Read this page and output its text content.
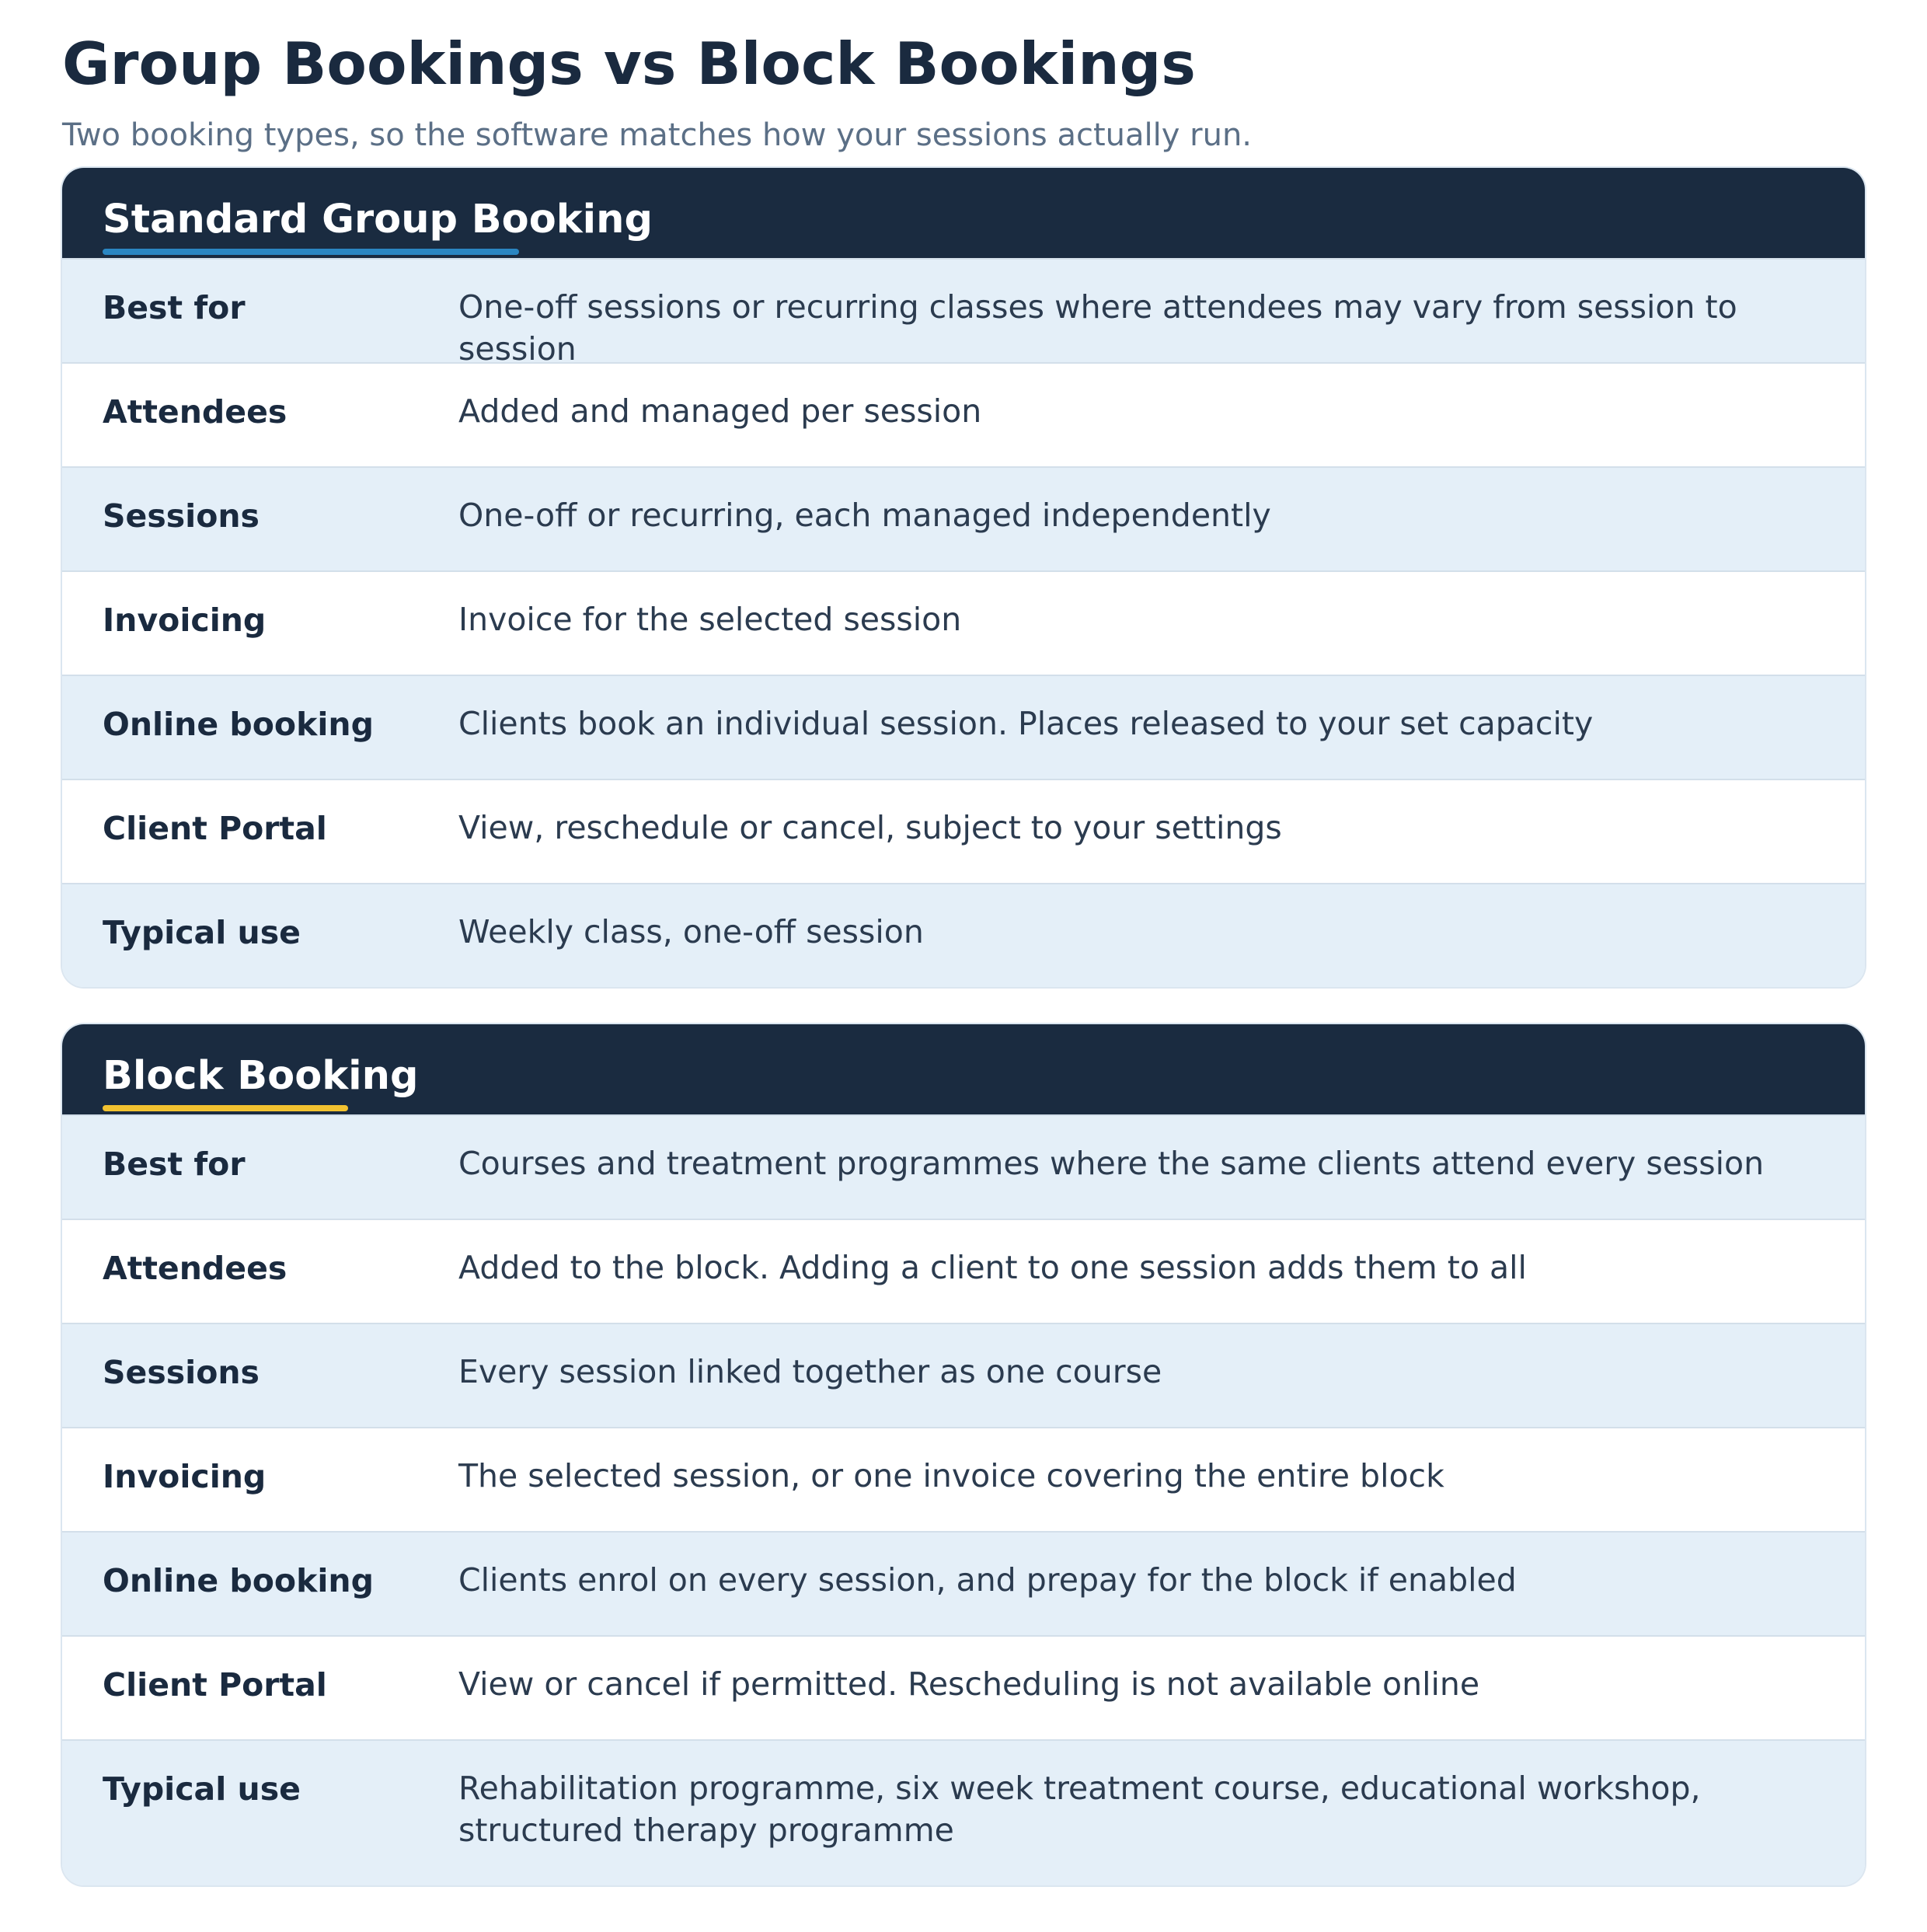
Group Bookings vs Block Bookings
Two booking types, so the software matches how your sessions actually run.
Standard Group Booking
Best for	One-off sessions or recurring classes where attendees may vary from session to session
Attendees	Added and managed per session
Sessions	One-off or recurring, each managed independently
Invoicing	Invoice for the selected session
Online booking	Clients book an individual session. Places released to your set capacity
Client Portal	View, reschedule or cancel, subject to your settings
Typical use	Weekly class, one-off session
Block Booking
Best for	Courses and treatment programmes where the same clients attend every session
Attendees	Added to the block. Adding a client to one session adds them to all
Sessions	Every session linked together as one course
Invoicing	The selected session, or one invoice covering the entire block
Online booking	Clients enrol on every session, and prepay for the block if enabled
Client Portal	View or cancel if permitted. Rescheduling is not available online
Typical use	Rehabilitation programme, six week treatment course, educational workshop, structured therapy programme
